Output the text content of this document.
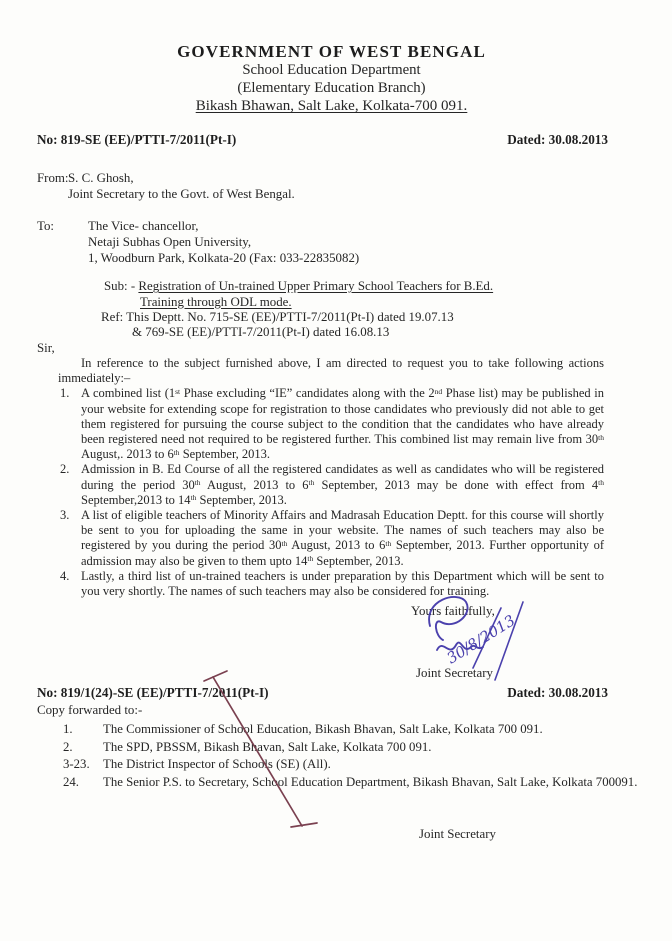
GOVERNMENT OF WEST BENGAL
School Education Department
(Elementary Education Branch)
Bikash Bhawan, Salt Lake, Kolkata-700 091.
No: 819-SE (EE)/PTTI-7/2011(Pt-I)	Dated: 30.08.2013
From: S. C. Ghosh,
Joint Secretary to the Govt. of West Bengal.
To:	The Vice- chancellor,
Netaji Subhas Open University,
1, Woodburn Park, Kolkata-20 (Fax: 033-22835082)
Sub: - Registration of Un-trained Upper Primary School Teachers for B.Ed.
Training through ODL mode.
Ref: This Deptt. No. 715-SE (EE)/PTTI-7/2011(Pt-I) dated 19.07.13
& 769-SE (EE)/PTTI-7/2011(Pt-I) dated 16.08.13
Sir,
In reference to the subject furnished above, I am directed to request you to take following actions immediately:–
1. A combined list (1st Phase excluding “IE” candidates along with the 2nd Phase list) may be published in your website for extending scope for registration to those candidates who previously did not able to get them registered for pursuing the course subject to the condition that the candidates who have already been registered need not required to be registered further. This combined list may remain live from 30th August,. 2013 to 6th September, 2013.
2. Admission in B. Ed Course of all the registered candidates as well as candidates who will be registered during the period 30th August, 2013 to 6th September, 2013 may be done with effect from 4th September,2013 to 14th September, 2013.
3. A list of eligible teachers of Minority Affairs and Madrasah Education Deptt. for this course will shortly be sent to you for uploading the same in your website. The names of such teachers may also be registered by you during the period 30th August, 2013 to 6th September, 2013. Further opportunity of admission may also be given to them upto 14th September, 2013.
4. Lastly, a third list of un-trained teachers is under preparation by this Department which will be sent to you very shortly. The names of such teachers may also be considered for training.
Yours faithfully,
Joint Secretary
No: 819/1(24)-SE (EE)/PTTI-7/2011(Pt-I)	Dated: 30.08.2013
Copy forwarded to:-
1.	The Commissioner of School Education, Bikash Bhavan, Salt Lake, Kolkata 700 091.
2.	The SPD, PBSSM, Bikash Bhavan, Salt Lake, Kolkata 700 091.
3-23.	The District Inspector of Schools (SE) (All).
24.	The Senior P.S. to Secretary, School Education Department, Bikash Bhavan, Salt Lake, Kolkata 700091.
Joint Secretary
30/8/2013
